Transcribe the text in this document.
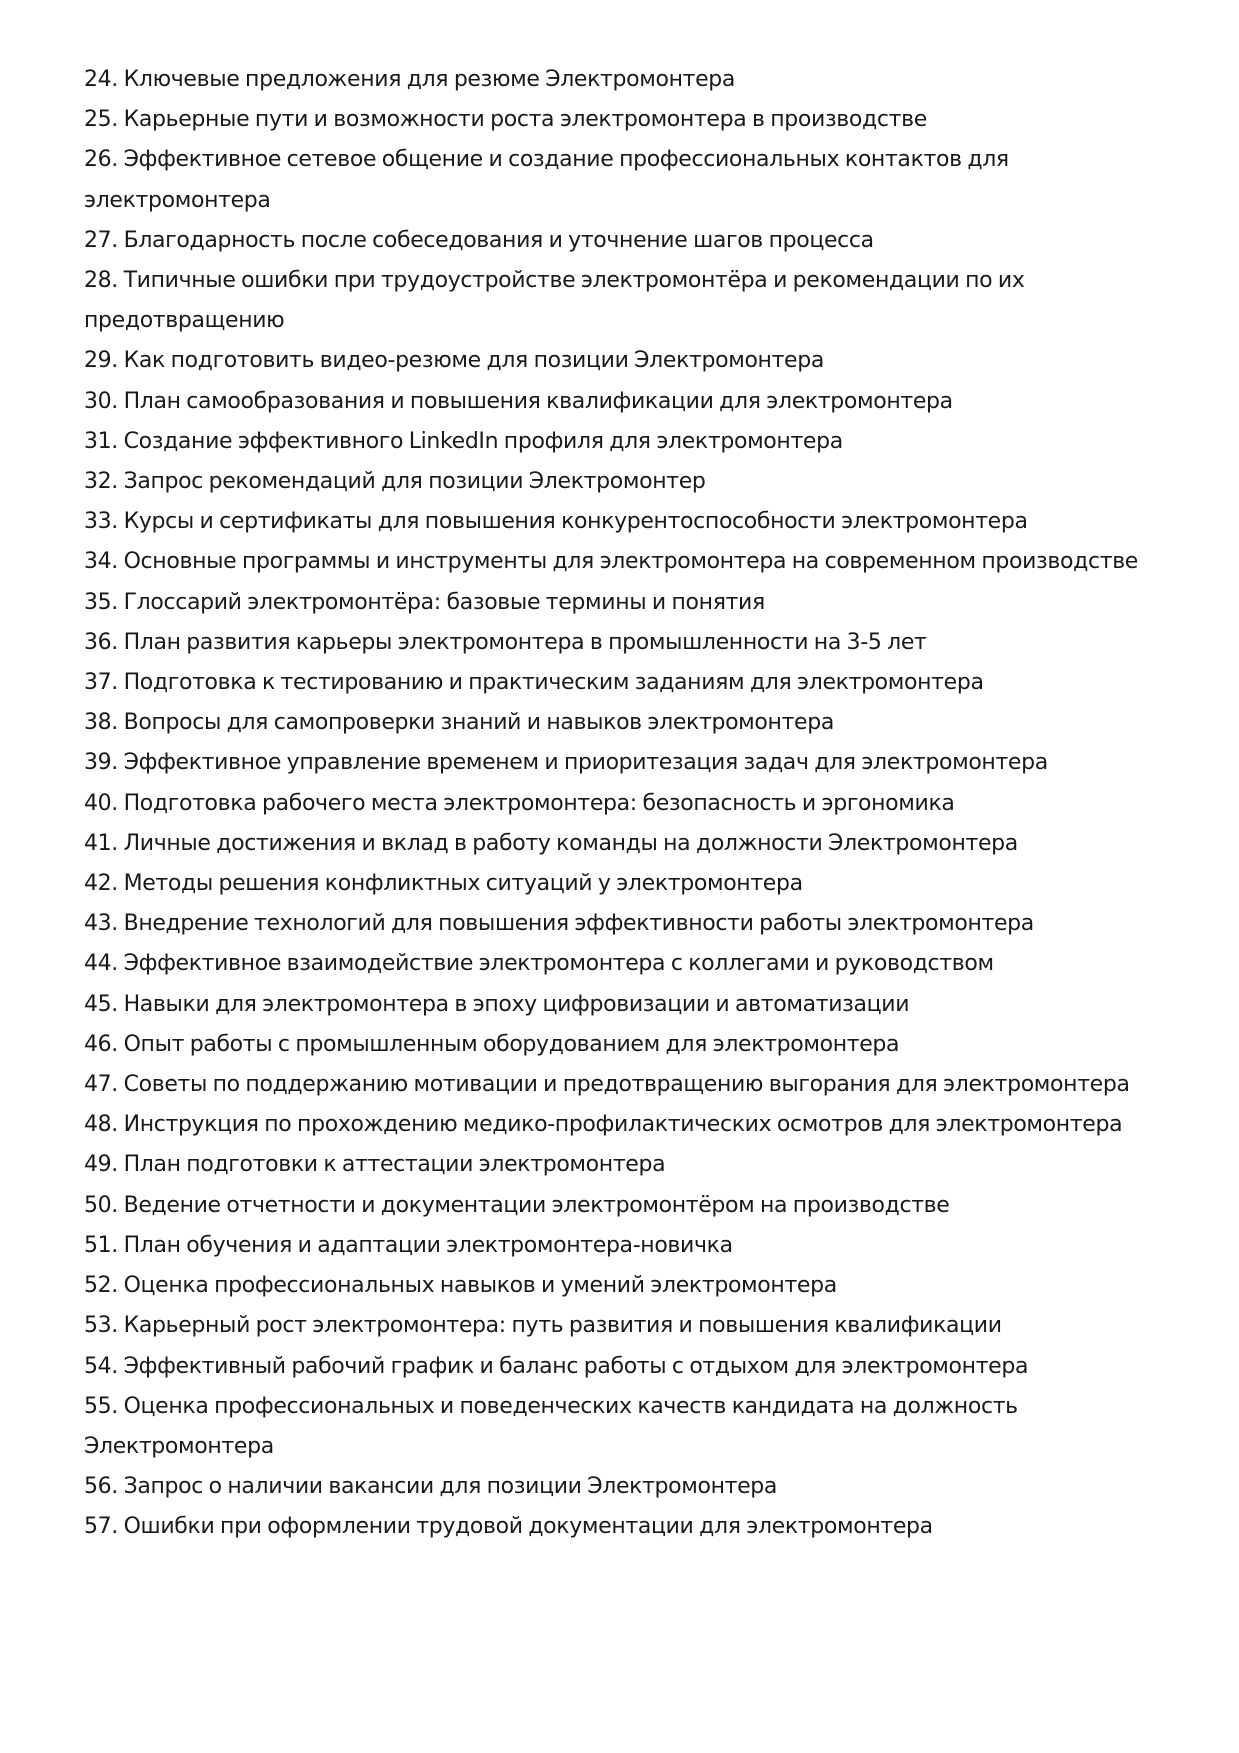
24. Ключевые предложения для резюме Электромонтера
25. Карьерные пути и возможности роста электромонтера в производстве
26. Эффективное сетевое общение и создание профессиональных контактов для электромонтера
27. Благодарность после собеседования и уточнение шагов процесса
28. Типичные ошибки при трудоустройстве электромонтёра и рекомендации по их предотвращению
29. Как подготовить видео-резюме для позиции Электромонтера
30. План самообразования и повышения квалификации для электромонтера
31. Создание эффективного LinkedIn профиля для электромонтера
32. Запрос рекомендаций для позиции Электромонтер
33. Курсы и сертификаты для повышения конкурентоспособности электромонтера
34. Основные программы и инструменты для электромонтера на современном производстве
35. Глоссарий электромонтёра: базовые термины и понятия
36. План развития карьеры электромонтера в промышленности на 3-5 лет
37. Подготовка к тестированию и практическим заданиям для электромонтера
38. Вопросы для самопроверки знаний и навыков электромонтера
39. Эффективное управление временем и приоритезация задач для электромонтера
40. Подготовка рабочего места электромонтера: безопасность и эргономика
41. Личные достижения и вклад в работу команды на должности Электромонтера
42. Методы решения конфликтных ситуаций у электромонтера
43. Внедрение технологий для повышения эффективности работы электромонтера
44. Эффективное взаимодействие электромонтера с коллегами и руководством
45. Навыки для электромонтера в эпоху цифровизации и автоматизации
46. Опыт работы с промышленным оборудованием для электромонтера
47. Советы по поддержанию мотивации и предотвращению выгорания для электромонтера
48. Инструкция по прохождению медико-профилактических осмотров для электромонтера
49. План подготовки к аттестации электромонтера
50. Ведение отчетности и документации электромонтёром на производстве
51. План обучения и адаптации электромонтера-новичка
52. Оценка профессиональных навыков и умений электромонтера
53. Карьерный рост электромонтера: путь развития и повышения квалификации
54. Эффективный рабочий график и баланс работы с отдыхом для электромонтера
55. Оценка профессиональных и поведенческих качеств кандидата на должность Электромонтера
56. Запрос о наличии вакансии для позиции Электромонтера
57. Ошибки при оформлении трудовой документации для электромонтера
